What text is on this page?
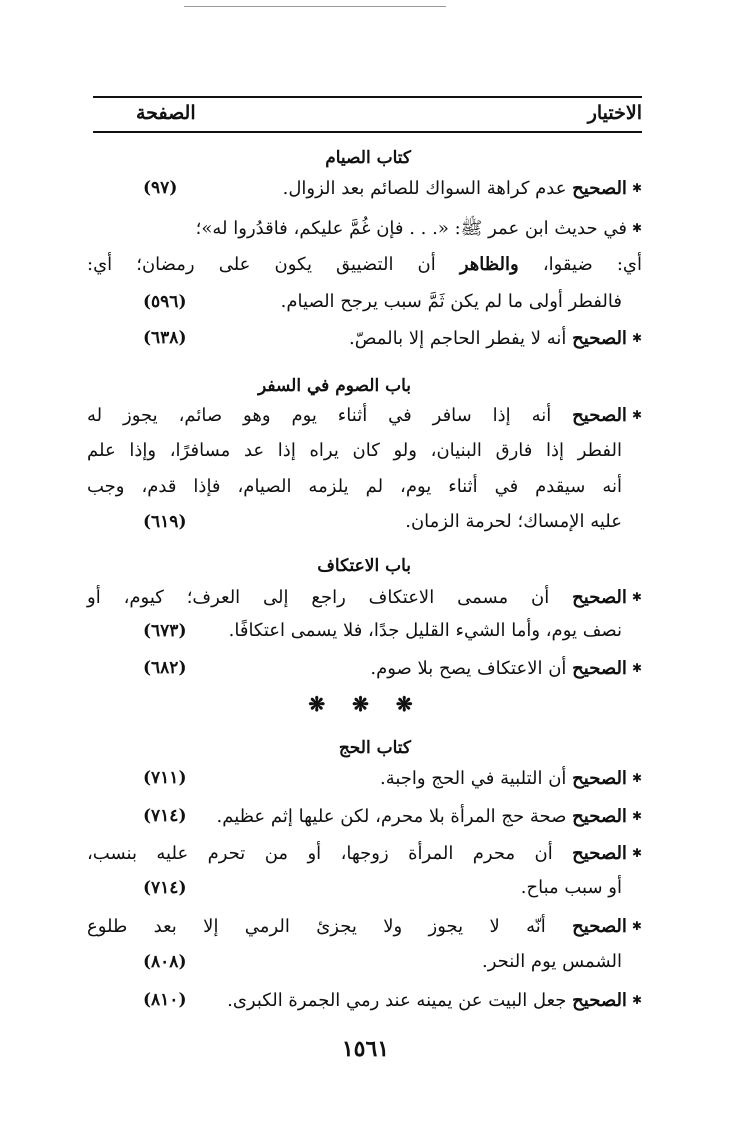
الاختيار
الصفحة
كتاب الصيام
✱الصحيح عدم كراهة السواك للصائم بعد الزوال.
(٩٧)
✱في حديث ابن عمر ﷺ: «. . . فإن غُمَّ عليكم، فاقدُروا له»؛
أي: ضيقوا، والظاهر أن التضييق يكون على رمضان؛ أي:
فالفطر أولى ما لم يكن ثَمَّ سبب يرجح الصيام.
(٥٩٦)
✱الصحيح أنه لا يفطر الحاجم إلا بالمصّ.
(٦٣٨)
باب الصوم في السفر
✱الصحيح أنه إذا سافر في أثناء يوم وهو صائم، يجوز له
الفطر إذا فارق البنيان، ولو كان يراه إذا عد مسافرًا، وإذا علم
أنه سيقدم في أثناء يوم، لم يلزمه الصيام، فإذا قدم، وجب
عليه الإمساك؛ لحرمة الزمان.
(٦١٩)
باب الاعتكاف
✱الصحيح أن مسمى الاعتكاف راجع إلى العرف؛ كيوم، أو
نصف يوم، وأما الشيء القليل جدًا، فلا يسمى اعتكافًا.
(٦٧٣)
✱الصحيح أن الاعتكاف يصح بلا صوم.
(٦٨٢)
❋ ❋ ❋
كتاب الحج
✱الصحيح أن التلبية في الحج واجبة.
(٧١١)
✱الصحيح صحة حج المرأة بلا محرم، لكن عليها إثم عظيم.
(٧١٤)
✱الصحيح أن محرم المرأة زوجها، أو من تحرم عليه بنسب،
أو سبب مباح.
(٧١٤)
✱الصحيح أنّه لا يجوز ولا يجزئ الرمي إلا بعد طلوع
الشمس يوم النحر.
(٨٠٨)
✱الصحيح جعل البيت عن يمينه عند رمي الجمرة الكبرى.
(٨١٠)
١٥٦١
